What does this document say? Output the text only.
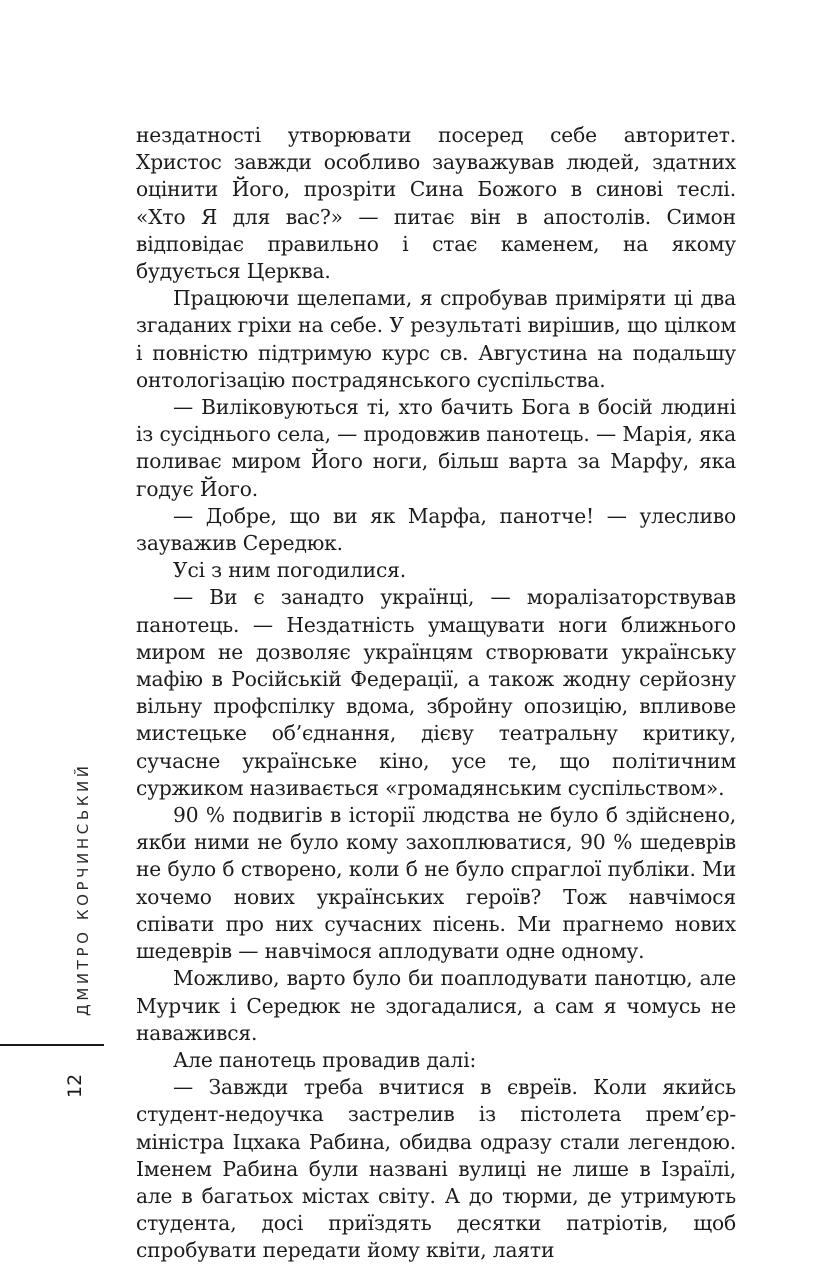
нездатності утворювати посеред себе авторитет. Христос завжди особливо зауважував людей, здатних оцінити Його, прозріти Сина Божого в синові теслі. «Хто Я для вас?» — питає він в апостолів. Симон відповідає правильно і стає каменем, на якому будується Церква.

Працюючи щелепами, я спробував приміряти ці два згаданих гріхи на себе. У результаті вирішив, що цілком і повністю підтримую курс св. Августина на подальшу онтологізацію пострадянського суспільства.

— Виліковуються ті, хто бачить Бога в босій людині із сусіднього села, — продовжив панотець. — Марія, яка поливає миром Його ноги, більш варта за Марфу, яка годує Його.

— Добре, що ви як Марфа, панотче! — улесливо зауважив Середюк.

Усі з ним погодилися.

— Ви є занадто українці, — моралізаторствував панотець. — Нездатність умащувати ноги ближнього миром не дозволяє українцям створювати українську мафію в Російській Федерації, а також жодну серйозну вільну профспілку вдома, збройну опозицію, впливове мистецьке об’єднання, дієву театральну критику, сучасне українське кіно, усе те, що політичним суржиком називається «громадянським суспільством».

90 % подвигів в історії людства не було б здійснено, якби ними не було кому захоплюватися, 90 % шедеврів не було б створено, коли б не було спраглої публіки. Ми хочемо нових українських героїв? Тож навчімося співати про них сучасних пісень. Ми прагнемо нових шедеврів — навчімося аплодувати одне одному.

Можливо, варто було би поаплодувати панотцю, але Мурчик і Середюк не здогадалися, а сам я чомусь не наважився.

Але панотець провадив далі:

— Завжди треба вчитися в євреїв. Коли якийсь студент-недоучка застрелив із пістолета прем’єр-міністра Іцхака Рабина, обидва одразу стали легендою. Іменем Рабина були названі вулиці не лише в Ізраїлі, але в багатьох містах світу. А до тюрми, де утримують студента, досі приїздять десятки патріотів, щоб спробувати передати йому квіти, лаяти

ДМИТРО КОРЧИНСЬКИЙ
12
